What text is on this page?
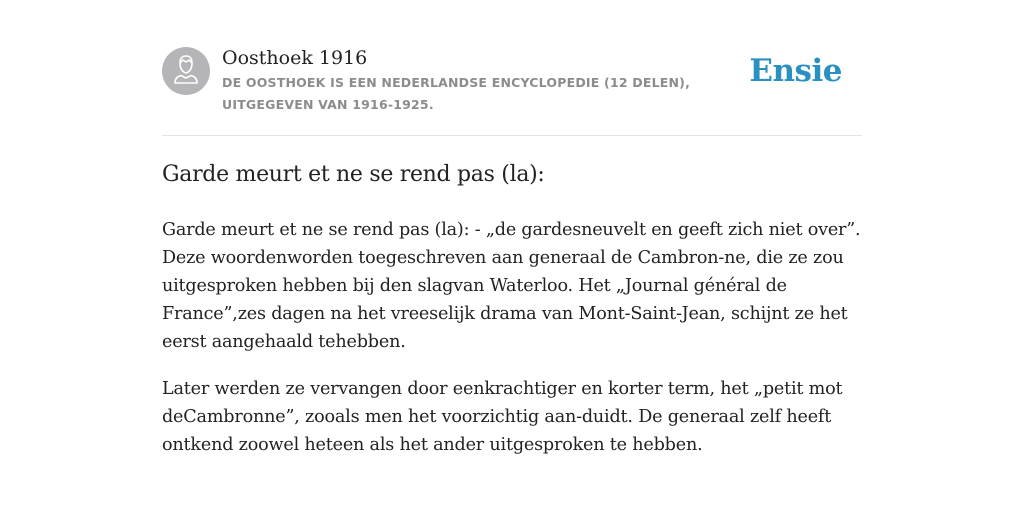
Oosthoek 1916
DE OOSTHOEK IS EEN NEDERLANDSE ENCYCLOPEDIE (12 DELEN), UITGEGEVEN VAN 1916-1925.
Ensie
Garde meurt et ne se rend pas (la):

Garde meurt et ne se rend pas (la): - „de gardesneuvelt en geeft zich niet over”. Deze woordenworden toegeschreven aan generaal de Cambron-ne, die ze zou uitgesproken hebben bij den slagvan Waterloo. Het „Journal général de France”,zes dagen na het vreeselijk drama van Mont-Saint-Jean, schijnt ze het eerst aangehaald tehebben.

Later werden ze vervangen door eenkrachtiger en korter term, het „petit mot deCambronne”, zooals men het voorzichtig aan-duidt. De generaal zelf heeft ontkend zoowel heteen als het ander uitgesproken te hebben.
